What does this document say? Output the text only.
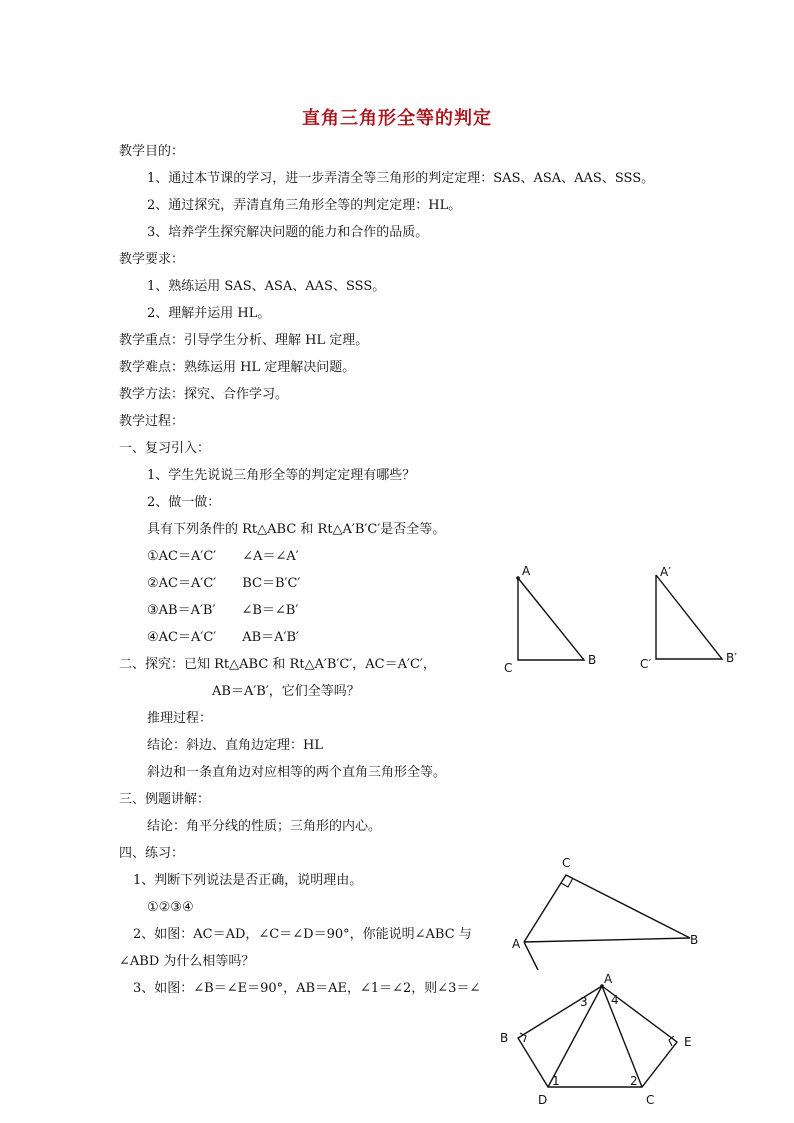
直角三角形全等的判定
教学目的：
1、通过本节课的学习，进一步弄清全等三角形的判定定理：SAS、ASA、AAS、SSS。
2、通过探究，弄清直角三角形全等的判定定理：HL。
3、培养学生探究解决问题的能力和合作的品质。
教学要求：
1、熟练运用 SAS、ASA、AAS、SSS。
2、理解并运用 HL。
教学重点：引导学生分析、理解 HL 定理。
教学难点：熟练运用 HL 定理解决问题。
教学方法：探究、合作学习。
教学过程：
一、复习引入：
1、学生先说说三角形全等的判定定理有哪些？
2、做一做：
具有下列条件的 Rt△ABC 和 Rt△A′B′C′是否全等。
①AC＝A′C′　　∠A＝∠A′
②AC＝A′C′　　BC＝B′C′
③AB＝A′B′　　∠B＝∠B′
④AC＝A′C′　　AB＝A′B′
二、探究：已知 Rt△ABC 和 Rt△A′B′C′，AC＝A′C′，
AB＝A′B′，它们全等吗？
推理过程：
结论：斜边、直角边定理：HL
斜边和一条直角边对应相等的两个直角三角形全等。
三、例题讲解：
结论：角平分线的性质；三角形的内心。
四、练习：
1、判断下列说法是否正确，说明理由。
①②③④
2、如图：AC＝AD，∠C＝∠D＝90°，你能说明∠ABC 与
∠ABD 为什么相等吗？
3、如图：∠B＝∠E＝90°，AB＝AE，∠1＝∠2，则∠3＝∠
A
B
C
A′
B′
C′
C
A	B
A
B	E
D	C
3 4
1	2
